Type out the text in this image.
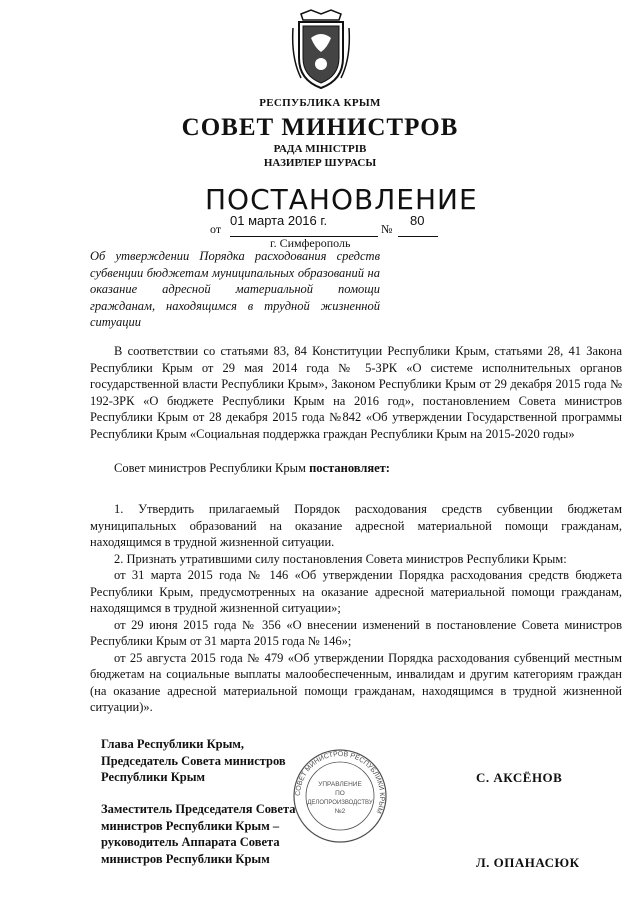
РЕСПУБЛИКА КРЫМ
СОВЕТ МИНИСТРОВ
РАДА МІНІСТРІВ
НАЗИРЛЕР ШУРАСЫ
ПОСТАНОВЛЕНИЕ
01 марта 2016 г.	80
от	№
г. Симферополь
Об утверждении Порядка расходования средств субвенции бюджетам муниципальных образований на оказание адресной материальной помощи гражданам, находящимся в трудной жизненной ситуации
В соответствии со статьями 83, 84 Конституции Республики Крым, статьями 28, 41 Закона Республики Крым от 29 мая 2014 года № 5-ЗРК «О системе исполнительных органов государственной власти Республики Крым», Законом Республики Крым от 29 декабря 2015 года № 192-ЗРК «О бюджете Республики Крым на 2016 год», постановлением Совета министров Республики Крым от 28 декабря 2015 года №842 «Об утверждении Государственной программы Республики Крым «Социальная поддержка граждан Республики Крым на 2015-2020 годы»
Совет министров Республики Крым постановляет:

1. Утвердить прилагаемый Порядок расходования средств субвенции бюджетам муниципальных образований на оказание адресной материальной помощи гражданам, находящимся в трудной жизненной ситуации.

2. Признать утратившими силу постановления Совета министров Республики Крым:

от 31 марта 2015 года № 146 «Об утверждении Порядка расходования средств бюджета Республики Крым, предусмотренных на оказание адресной материальной помощи гражданам, находящимся в трудной жизненной ситуации»;

от 29 июня 2015 года № 356 «О внесении изменений в постановление Совета министров Республики Крым от 31 марта 2015 года № 146»;

от 25 августа 2015 года № 479 «Об утверждении Порядка расходования субвенций местным бюджетам на социальные выплаты малообеспеченным, инвалидам и другим категориям граждан (на оказание адресной материальной помощи гражданам, находящимся в трудной жизненной ситуации)».

Глава Республики Крым,
Председатель Совета министров
Республики Крым	С. АКСЁНОВ
Заместитель Председателя Совета
министров Республики Крым –
руководитель Аппарата Совета
министров Республики Крым	Л. ОПАНАСЮК
СОВЕТ МИНИСТРОВ РЕСПУБЛИКИ КРЫМ
УПРАВЛЕНИЕ
ПО
ДЕЛОПРОИЗВОДСТВУ
№2
